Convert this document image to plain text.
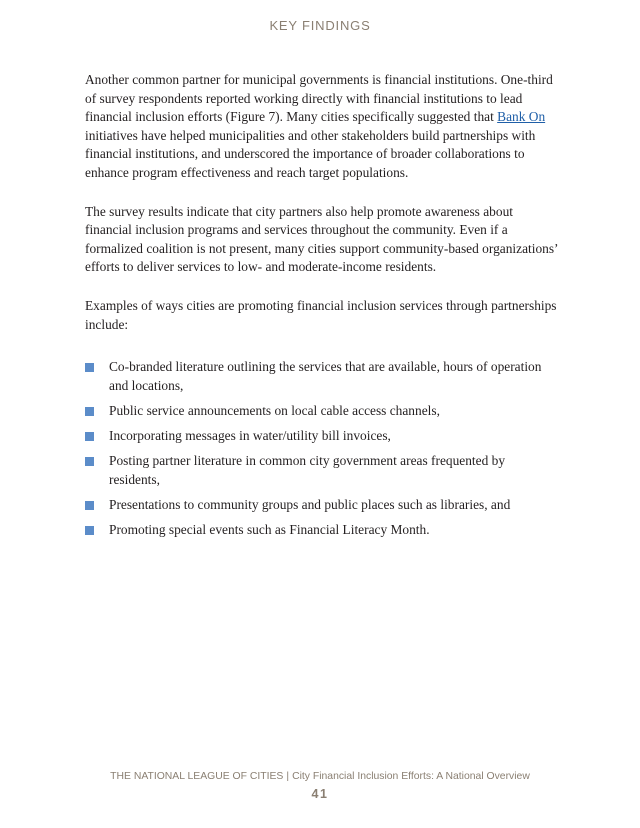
KEY FINDINGS

Another common partner for municipal governments is financial institutions. One-third of survey respondents reported working directly with financial institutions to lead financial inclusion efforts (Figure 7). Many cities specifically suggested that Bank On initiatives have helped municipalities and other stakeholders build partnerships with financial institutions, and underscored the importance of broader collaborations to enhance program effectiveness and reach target populations.

The survey results indicate that city partners also help promote awareness about financial inclusion programs and services throughout the community. Even if a formalized coalition is not present, many cities support community-based organizations’ efforts to deliver services to low- and moderate-income residents.

Examples of ways cities are promoting financial inclusion services through partnerships include:

Co-branded literature outlining the services that are available, hours of operation and locations,
Public service announcements on local cable access channels,
Incorporating messages in water/utility bill invoices,
Posting partner literature in common city government areas frequented by residents,
Presentations to community groups and public places such as libraries, and
Promoting special events such as Financial Literacy Month.
THE NATIONAL LEAGUE OF CITIES | City Financial Inclusion Efforts: A National Overview
41
